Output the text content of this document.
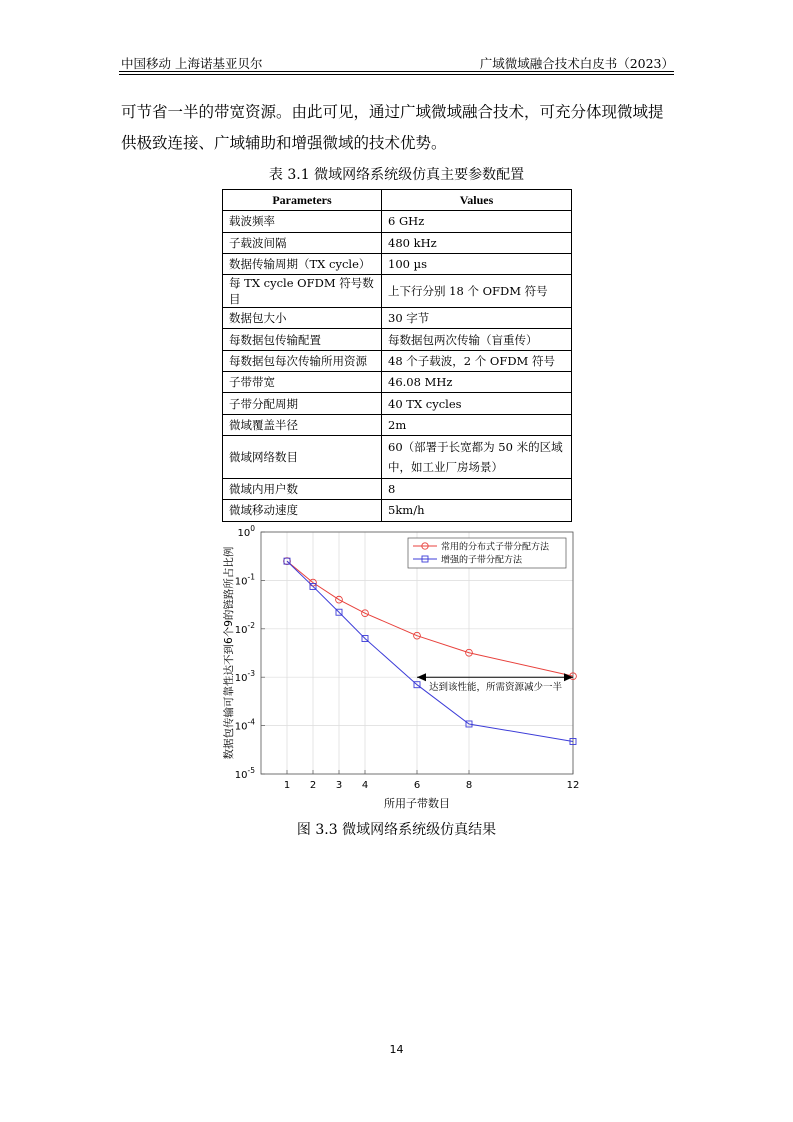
中国移动 上海诺基亚贝尔	广域微域融合技术白皮书（2023）
可节省一半的带宽资源。由此可见，通过广域微域融合技术，可充分体现微域提
供极致连接、广域辅助和增强微域的技术优势。
表 3.1 微域网络系统级仿真主要参数配置
Parameters	Values
载波频率	6 GHz
子载波间隔	480 kHz
数据传输周期（TX cycle）	100 µs
每 TX cycle OFDM 符号数目	上下行分别 18 个 OFDM 符号
数据包大小	30 字节
每数据包传输配置	每数据包两次传输（盲重传）
每数据包每次传输所用资源	48 个子载波，2 个 OFDM 符号
子带带宽	46.08 MHz
子带分配周期	40 TX cycles
微域覆盖半径	2m
微域网络数目	60（部署于长宽都为 50 米的区域中，如工业厂房场景）
微域内用户数	8
微域移动速度	5km/h
1 2 3 4	6	8	12
$10^0$
$10^{-1}$
$10^{-2}$
$10^{-3}$
$10^{-4}$
$10^{-5}$
达到该性能，所需资源减少一半
常用的分布式子带分配方法
增强的子带分配方法
所用子带数目
数据包传输可靠性达不到6个9的链路所占比例
图 3.3 微域网络系统级仿真结果
14
